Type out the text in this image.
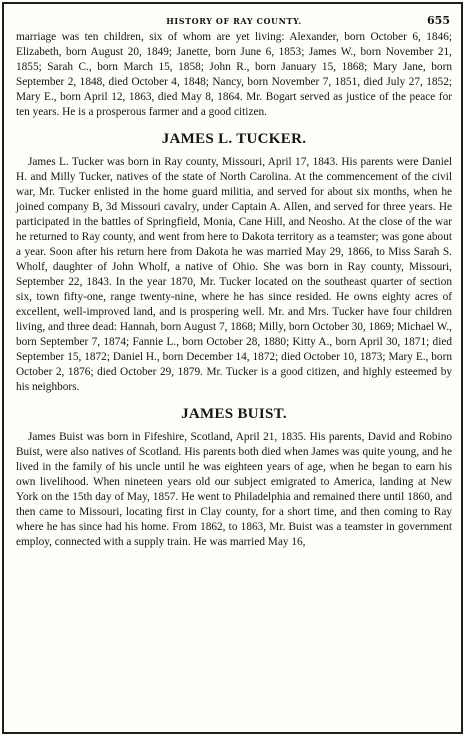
HISTORY OF RAY COUNTY.	655

marriage was ten children, six of whom are yet living: Alexander, born October 6, 1846; Elizabeth, born August 20, 1849; Janette, born June 6, 1853; James W., born November 21, 1855; Sarah C., born March 15, 1858; John R., born January 15, 1868; Mary Jane, born September 2, 1848, died October 4, 1848; Nancy, born November 7, 1851, died July 27, 1852; Mary E., born April 12, 1863, died May 8, 1864. Mr. Bogart served as justice of the peace for ten years. He is a prosperous farmer and a good citizen.

JAMES L. TUCKER.

James L. Tucker was born in Ray county, Missouri, April 17, 1843. His parents were Daniel H. and Milly Tucker, natives of the state of North Carolina. At the commencement of the civil war, Mr. Tucker enlisted in the home guard militia, and served for about six months, when he joined company B, 3d Missouri cavalry, under Captain A. Allen, and served for three years. He participated in the battles of Springfield, Monia, Cane Hill, and Neosho. At the close of the war he returned to Ray county, and went from here to Dakota territory as a teamster; was gone about a year. Soon after his return here from Dakota he was married May 29, 1866, to Miss Sarah S. Wholf, daughter of John Wholf, a native of Ohio. She was born in Ray county, Missouri, September 22, 1843. In the year 1870, Mr. Tucker located on the southeast quarter of section six, town fifty-one, range twenty-nine, where he has since resided. He owns eighty acres of excellent, well-improved land, and is prospering well. Mr. and Mrs. Tucker have four children living, and three dead: Hannah, born August 7, 1868; Milly, born October 30, 1869; Michael W., born September 7, 1874; Fannie L., born October 28, 1880; Kitty A., born April 30, 1871; died September 15, 1872; Daniel H., born December 14, 1872; died October 10, 1873; Mary E., born October 2, 1876; died October 29, 1879. Mr. Tucker is a good citizen, and highly esteemed by his neighbors.

JAMES BUIST.

James Buist was born in Fifeshire, Scotland, April 21, 1835. His parents, David and Robino Buist, were also natives of Scotland. His parents both died when James was quite young, and he lived in the family of his uncle until he was eighteen years of age, when he began to earn his own livelihood. When nineteen years old our subject emigrated to America, landing at New York on the 15th day of May, 1857. He went to Philadelphia and remained there until 1860, and then came to Missouri, locating first in Clay county, for a short time, and then coming to Ray where he has since had his home. From 1862, to 1863, Mr. Buist was a teamster in government employ, connected with a supply train. He was married May 16,
